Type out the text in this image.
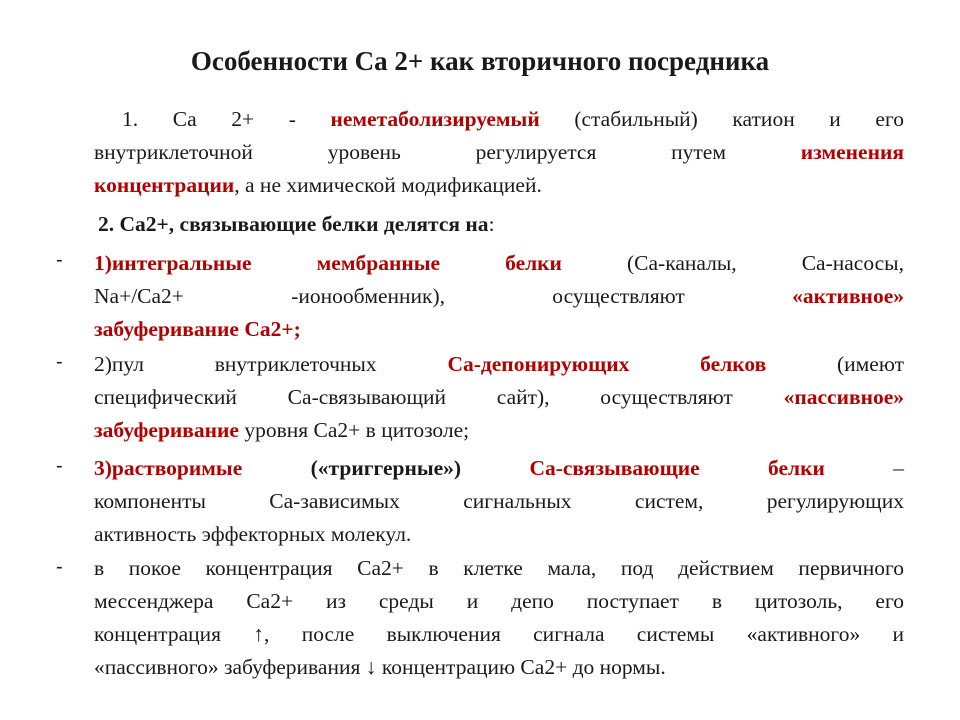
Особенности Ca 2+ как вторичного посредника
1. Ca 2+ - неметаболизируемый (стабильный) катион и его
внутриклеточной уровень регулируется путем изменения
концентрации, а не химической модификацией.
2. Са2+, связывающие белки делятся на:
- 1)интегральные мембранные белки (Са-каналы, Са-насосы,
Na+/Ca2+ -ионообменник), осуществляют «активное»
забуферивание Ca2+;
- 2)пул внутриклеточных Са-депонирующих белков (имеют
специфический Са-связывающий сайт), осуществляют «пассивное»
забуферивание уровня Ca2+ в цитозоле;
- 3)растворимые («триггерные») Са-связывающие белки –
компоненты Са-зависимых сигнальных систем, регулирующих
активность эффекторных молекул.
- в покое концентрация Ca2+ в клетке мала, под действием первичного
мессенджера Ca2+ из среды и депо поступает в цитозоль, его
концентрация ↑, после выключения сигнала системы «активного» и
«пассивного» забуферивания ↓ концентрацию Ca2+ до нормы.
